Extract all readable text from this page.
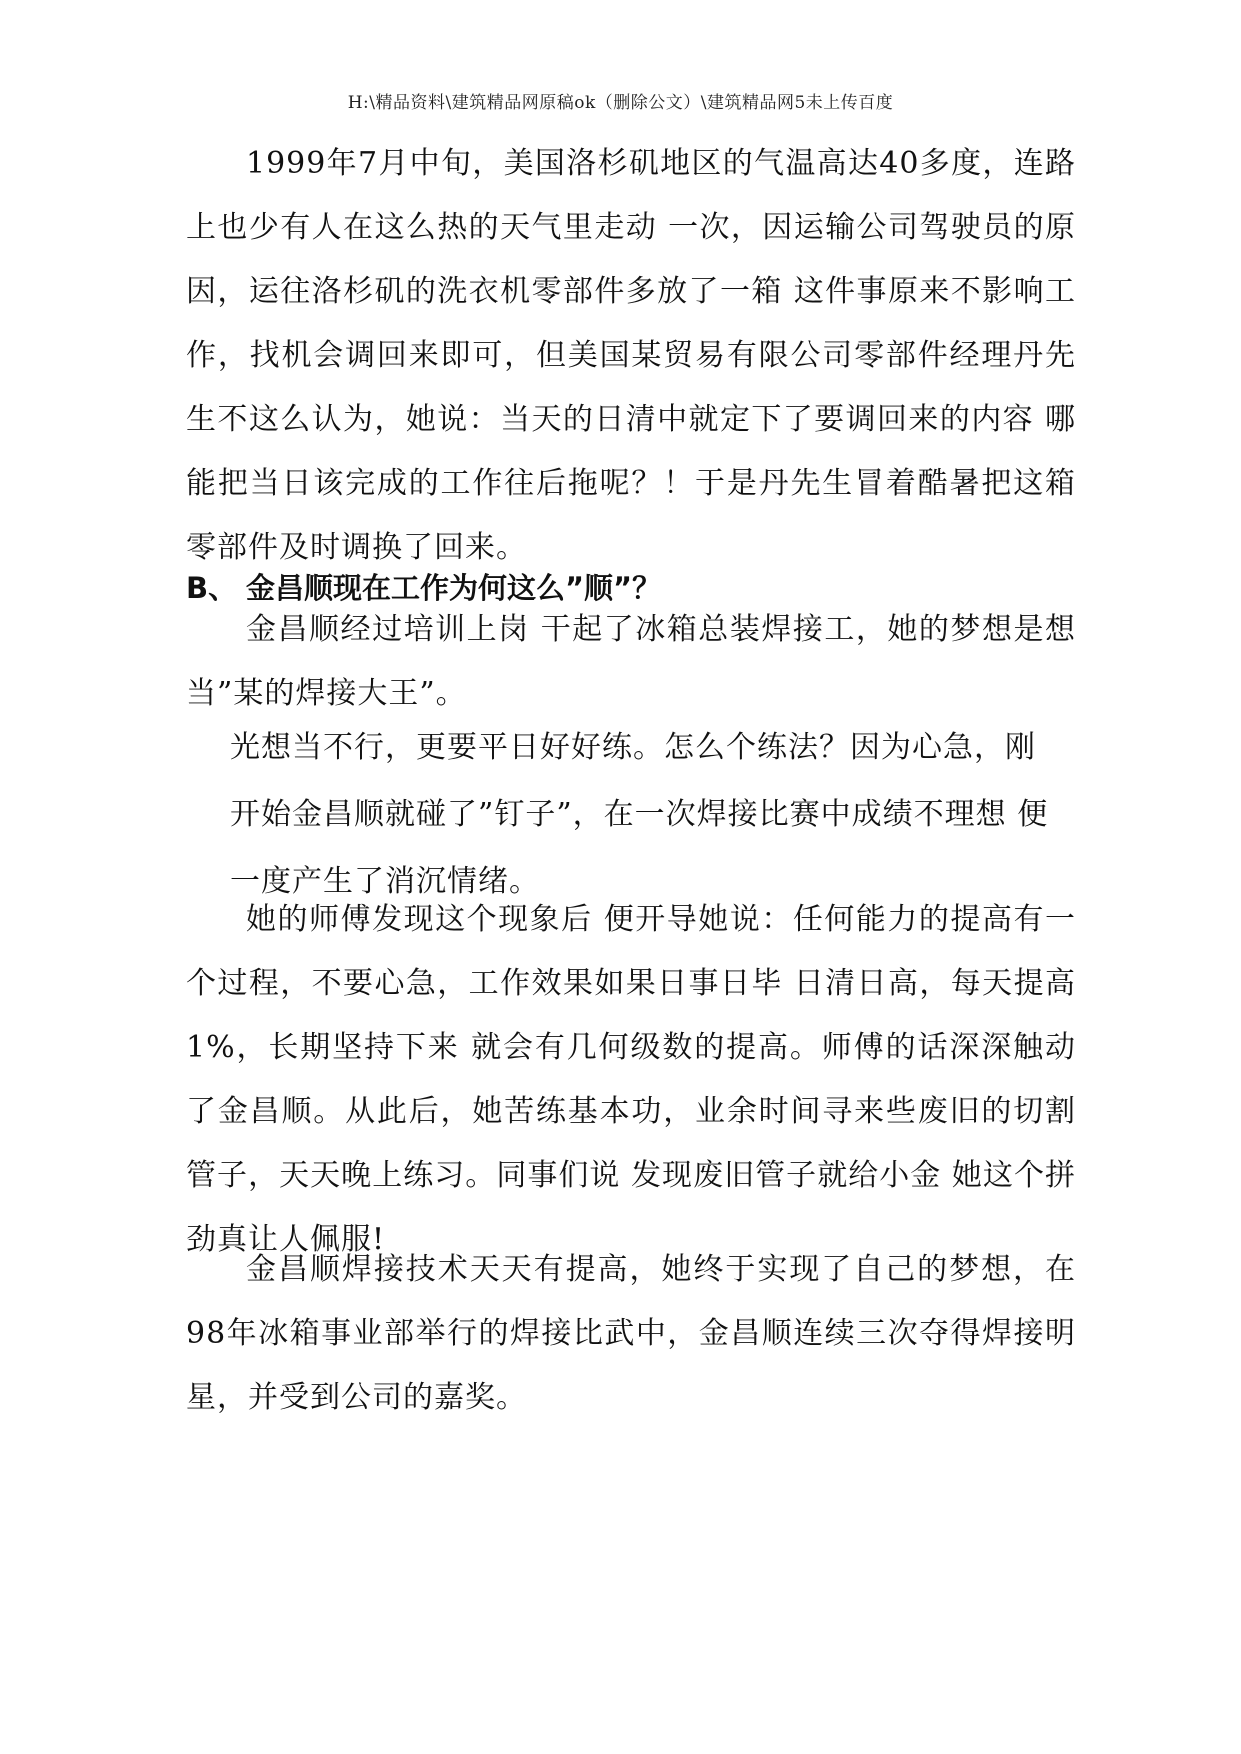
H:\精品资料\建筑精品网原稿ok（删除公文）\建筑精品网5未上传百度

1999年7月中旬，美国洛杉矶地区的气温高达40多度，连路上也少有人在这么热的天气里走动 一次，因运输公司驾驶员的原因，运往洛杉矶的洗衣机零部件多放了一箱 这件事原来不影响工作，找机会调回来即可，但美国某贸易有限公司零部件经理丹先生不这么认为，她说：当天的日清中就定下了要调回来的内容 哪能把当日该完成的工作往后拖呢？！于是丹先生冒着酷暑把这箱零部件及时调换了回来。

B、 金昌顺现在工作为何这么”顺”？

金昌顺经过培训上岗 干起了冰箱总装焊接工，她的梦想是想当”某的焊接大王”。

光想当不行，更要平日好好练。怎么个练法？因为心急，刚开始金昌顺就碰了”钉子”，在一次焊接比赛中成绩不理想 便一度产生了消沉情绪。

她的师傅发现这个现象后 便开导她说：任何能力的提高有一个过程，不要心急，工作效果如果日事日毕 日清日高，每天提高1%，长期坚持下来 就会有几何级数的提高。师傅的话深深触动了金昌顺。从此后，她苦练基本功，业余时间寻来些废旧的切割管子，天天晚上练习。同事们说 发现废旧管子就给小金 她这个拼劲真让人佩服!

金昌顺焊接技术天天有提高，她终于实现了自己的梦想，在98年冰箱事业部举行的焊接比武中，金昌顺连续三次夺得焊接明星，并受到公司的嘉奖。
